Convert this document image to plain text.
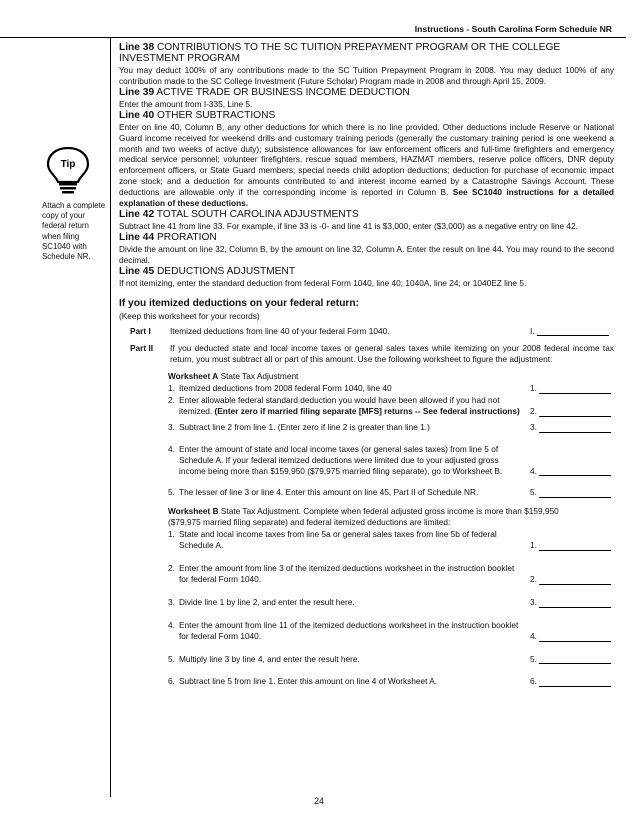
Instructions - South Carolina Form Schedule NR
Tip
Attach a complete copy of your federal return when filing SC1040 with Schedule NR.
Line 38 CONTRIBUTIONS TO THE SC TUITION PREPAYMENT PROGRAM OR THE COLLEGE INVESTMENT PROGRAM

You may deduct 100% of any contributions made to the SC Tuition Prepayment Program in 2008. You may deduct 100% of any contribution made to the SC College Investment (Future Scholar) Program made in 2008 and through April 15, 2009.

Line 39 ACTIVE TRADE OR BUSINESS INCOME DEDUCTION

Enter the amount from I-335, Line 5.

Line 40 OTHER SUBTRACTIONS

Enter on line 40, Column B, any other deductions for which there is no line provided. Other deductions include Reserve or National Guard income received for weekend drills and customary training periods (generally the customary training period is one weekend a month and two weeks of active duty); subsistence allowances for law enforcement officers and full-time firefighters and emergency medical service personnel; volunteer firefighters, rescue squad members, HAZMAT members, reserve police officers, DNR deputy enforcement officers, or State Guard members; special needs child adoption deductions; deduction for purchase of economic impact zone stock; and a deduction for amounts contributed to and interest income earned by a Catastrophe Savings Account. These deductions are allowable only if the corresponding income is reported in Column B. See SC1040 instructions for a detailed explanation of these deductions.

Line 42 TOTAL SOUTH CAROLINA ADJUSTMENTS

Subtract line 41 from line 33. For example, if line 33 is -0- and line 41 is $3,000, enter ($3,000) as a negative entry on line 42.

Line 44 PRORATION

Divide the amount on line 32, Column B, by the amount on line 32, Column A. Enter the result on line 44. You may round to the second decimal.

Line 45 DEDUCTIONS ADJUSTMENT

If not itemizing, enter the standard deduction from federal Form 1040, line 40; 1040A, line 24; or 1040EZ line 5.

If you itemized deductions on your federal return:

(Keep this worksheet for your records)

Part I	Itemized deductions from line 40 of your federal Form 1040.	I.
Part II	If you deducted state and local income taxes or general sales taxes while itemizing on your 2008 federal income tax return, you must subtract all or part of this amount. Use the following worksheet to figure the adjustment:
Worksheet A State Tax Adjustment
1. Itemized deductions from 2008 federal Form 1040, line 40	1.
2. Enter allowable federal standard deduction you would have been allowed if you had not itemized. (Enter zero if married filing separate [MFS] returns -- See federal instructions)	2.
3. Subtract line 2 from line 1. (Enter zero if line 2 is greater than line 1.)	3.
4. Enter the amount of state and local income taxes (or general sales taxes) from line 5 of Schedule A. If your federal itemized deductions were limited due to your adjusted gross income being more than $159,950 ($79,975 married filing separate), go to Worksheet B.	4.
5. The lesser of line 3 or line 4. Enter this amount on line 45, Part II of Schedule NR.	5.
Worksheet B State Tax Adjustment. Complete when federal adjusted gross income is more than $159,950 ($79,975 married filing separate) and federal itemized deductions are limited:
1. State and local income taxes from line 5a or general sales taxes from line 5b of federal Schedule A.	1.
2. Enter the amount from line 3 of the itemized deductions worksheet in the instruction booklet for federal Form 1040.	2.
3. Divide line 1 by line 2, and enter the result here.	3.
4. Enter the amount from line 11 of the itemized deductions worksheet in the instruction booklet for federal Form 1040.	4.
5. Multiply line 3 by line 4, and enter the result here.	5.
6. Subtract line 5 from line 1. Enter this amount on line 4 of Worksheet A.	6.
24
